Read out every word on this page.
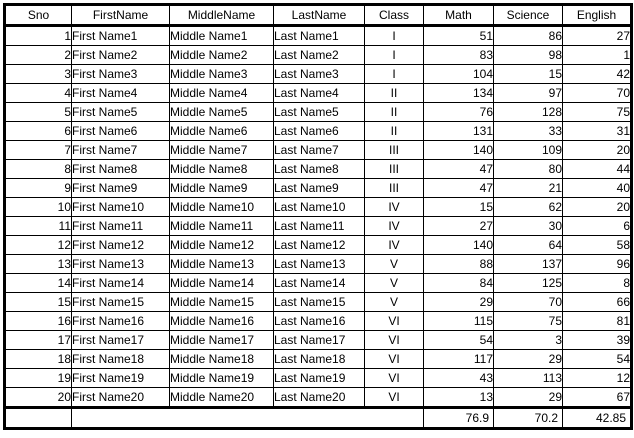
Sno	FirstName	MiddleName	LastName	Class	Math	Science	English
1	First Name1	Middle Name1	Last Name1	I	51	86	27
2	First Name2	Middle Name2	Last Name2	I	83	98	1
3	First Name3	Middle Name3	Last Name3	I	104	15	42
4	First Name4	Middle Name4	Last Name4	II	134	97	70
5	First Name5	Middle Name5	Last Name5	II	76	128	75
6	First Name6	Middle Name6	Last Name6	II	131	33	31
7	First Name7	Middle Name7	Last Name7	III	140	109	20
8	First Name8	Middle Name8	Last Name8	III	47	80	44
9	First Name9	Middle Name9	Last Name9	III	47	21	40
10	First Name10	Middle Name10	Last Name10	IV	15	62	20
11	First Name11	Middle Name11	Last Name11	IV	27	30	6
12	First Name12	Middle Name12	Last Name12	IV	140	64	58
13	First Name13	Middle Name13	Last Name13	V	88	137	96
14	First Name14	Middle Name14	Last Name14	V	84	125	8
15	First Name15	Middle Name15	Last Name15	V	29	70	66
16	First Name16	Middle Name16	Last Name16	VI	115	75	81
17	First Name17	Middle Name17	Last Name17	VI	54	3	39
18	First Name18	Middle Name18	Last Name18	VI	117	29	54
19	First Name19	Middle Name19	Last Name19	VI	43	113	12
20	First Name20	Middle Name20	Last Name20	VI	13	29	67
					76.9	70.2	42.85
